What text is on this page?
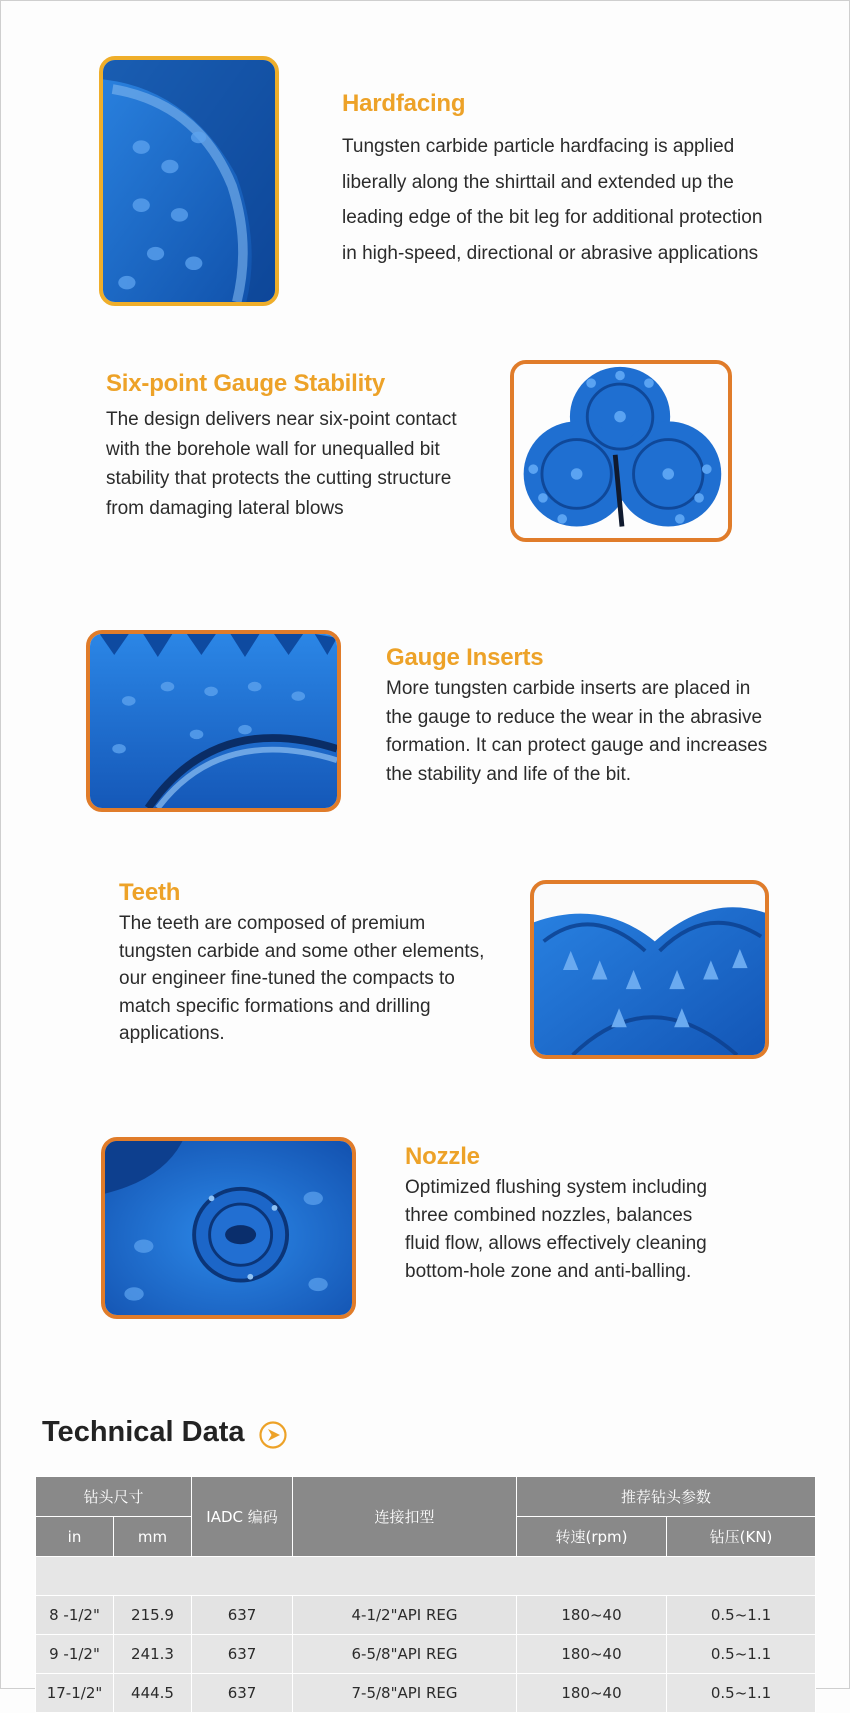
Hardfacing
Tungsten carbide particle hardfacing is applied
liberally along the shirttail and extended up the
leading edge of the bit leg for additional protection
in high-speed, directional or abrasive applications
Six-point Gauge Stability
The design delivers near six-point contact
with the borehole wall for unequalled bit
stability that protects the cutting structure
from damaging lateral blows
Gauge Inserts
More tungsten carbide inserts are placed in
the gauge to reduce the wear in the abrasive
formation. It can protect gauge and increases
the stability and life of the bit.
Teeth
The teeth are composed of premium
tungsten carbide and some other elements,
our engineer fine-tuned the compacts to
match specific formations and drilling
applications.
Nozzle
Optimized flushing system including
three combined nozzles, balances
fluid flow, allows effectively cleaning
bottom-hole zone and anti-balling.
Technical Data
钻头尺寸		IADC 编码	连接扣型	推荐钻头参数	
in	mm			转速(rpm)	钻压(KN)

8 -1/2"	215.9	637	4-1/2"API REG	180~40	0.5~1.1
9 -1/2"	241.3	637	6-5/8"API REG	180~40	0.5~1.1
17-1/2"	444.5	637	7-5/8"API REG	180~40	0.5~1.1
